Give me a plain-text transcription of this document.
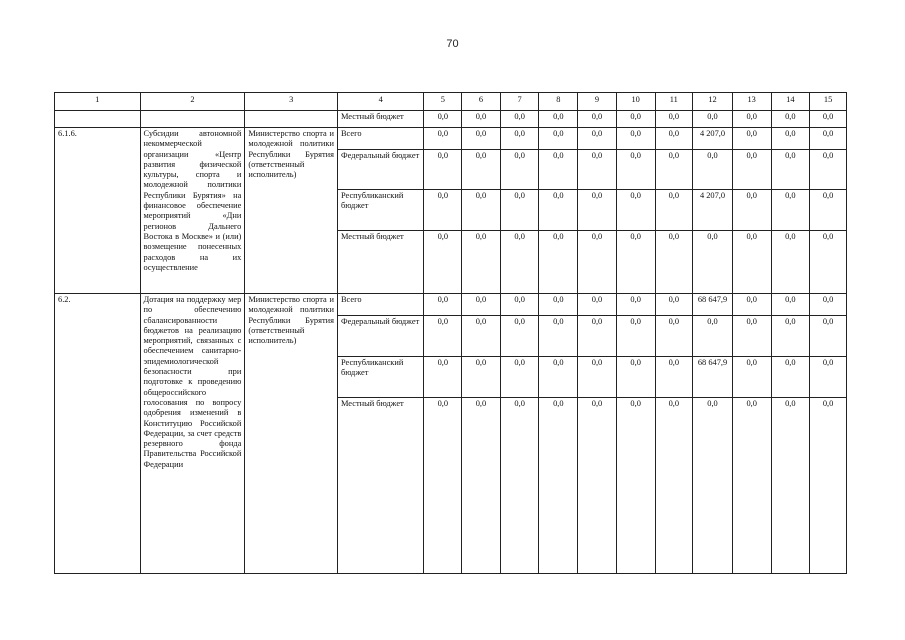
70
1	2	3	4	5	6	7	8	9	10	11	12	13	14	15
			Местный бюджет	0,0	0,0	0,0	0,0	0,0	0,0	0,0	0,0	0,0	0,0	0,0
6.1.6.	Субсидии автономной некоммерческой организации «Центр развития физической культуры, спорта и молодежной политики Республики Бурятия» на финансовое обеспечение мероприятий «Дни регионов Дальнего Востока в Москве» и (или) возмещение понесенных расходов на их осуществление	Министерство спорта и молодежной политики Республики Бурятия (ответственный исполнитель)	Всего	0,0	0,0	0,0	0,0	0,0	0,0	0,0	4 207,0	0,0	0,0	0,0
			Федеральный бюджет	0,0	0,0	0,0	0,0	0,0	0,0	0,0	0,0	0,0	0,0	0,0
			Республиканский бюджет	0,0	0,0	0,0	0,0	0,0	0,0	0,0	4 207,0	0,0	0,0	0,0
			Местный бюджет	0,0	0,0	0,0	0,0	0,0	0,0	0,0	0,0	0,0	0,0	0,0
6.2.	Дотация на поддержку мер по обеспечению сбалансированности бюджетов на реализацию мероприятий, связанных с обеспечением санитарно-эпидемиологической безопасности при подготовке к проведению общероссийского голосования по вопросу одобрения изменений в Конституцию Российской Федерации, за счет средств резервного фонда Правительства Российской Федерации	Министерство спорта и молодежной политики Республики Бурятия (ответственный исполнитель)	Всего	0,0	0,0	0,0	0,0	0,0	0,0	0,0	68 647,9	0,0	0,0	0,0
			Федеральный бюджет	0,0	0,0	0,0	0,0	0,0	0,0	0,0	0,0	0,0	0,0	0,0
			Республиканский бюджет	0,0	0,0	0,0	0,0	0,0	0,0	0,0	68 647,9	0,0	0,0	0,0
			Местный бюджет	0,0	0,0	0,0	0,0	0,0	0,0	0,0	0,0	0,0	0,0	0,0
